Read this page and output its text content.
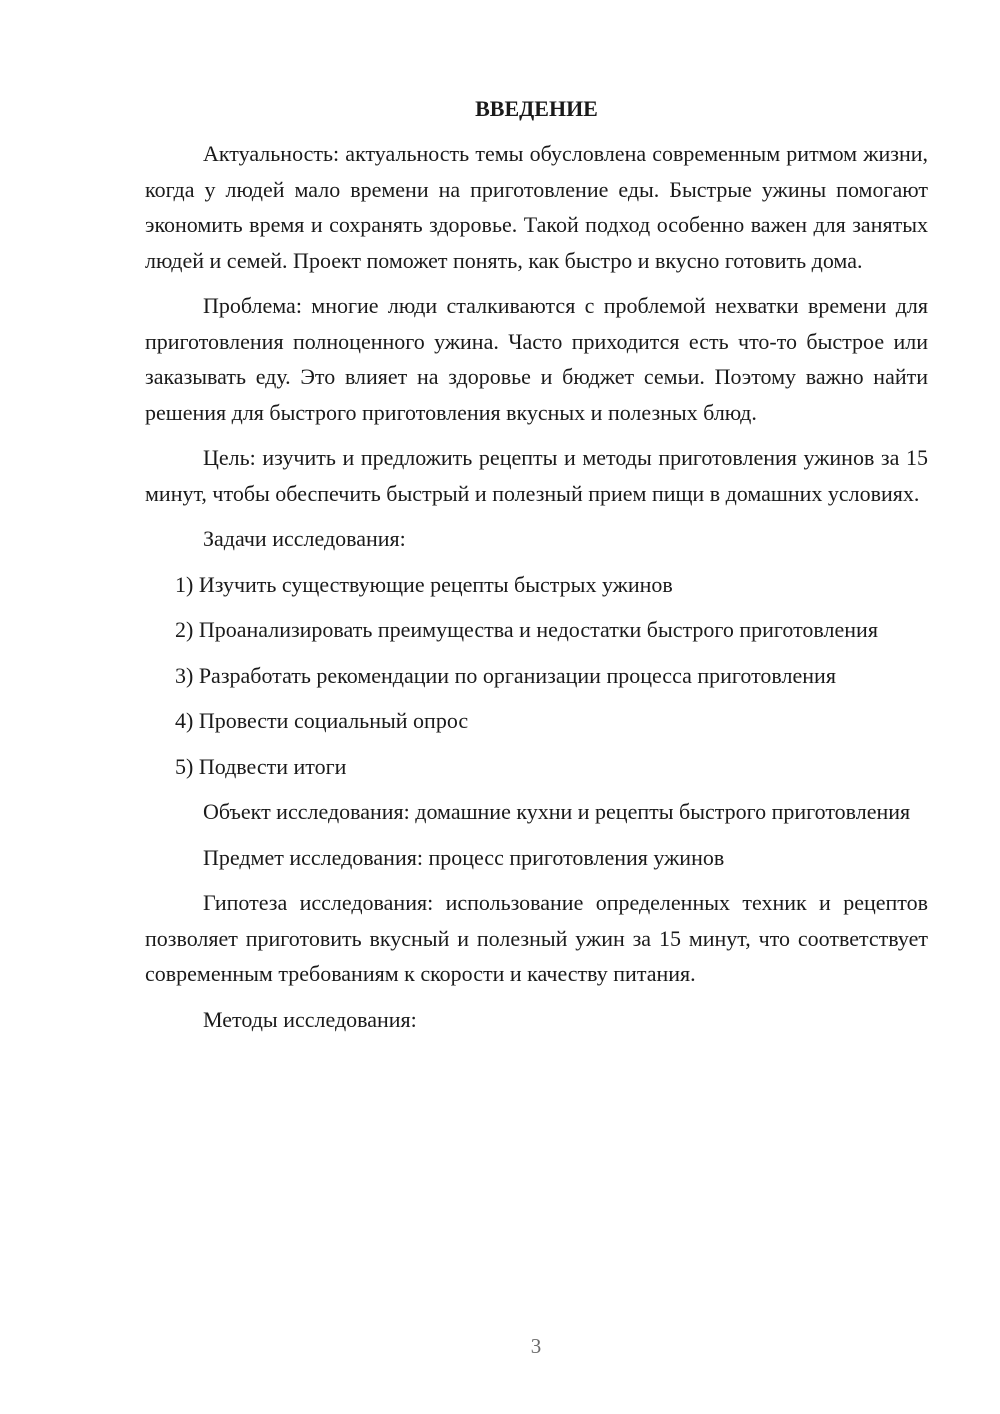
ВВЕДЕНИЕ

Актуальность: актуальность темы обусловлена современным ритмом жизни, когда у людей мало времени на приготовление еды. Быстрые ужины помогают экономить время и сохранять здоровье. Такой подход особенно важен для занятых людей и семей. Проект поможет понять, как быстро и вкусно готовить дома.

Проблема: многие люди сталкиваются с проблемой нехватки времени для приготовления полноценного ужина. Часто приходится есть что-то быстрое или заказывать еду. Это влияет на здоровье и бюджет семьи. Поэтому важно найти решения для быстрого приготовления вкусных и полезных блюд.

Цель: изучить и предложить рецепты и методы приготовления ужинов за 15 минут, чтобы обеспечить быстрый и полезный прием пищи в домашних условиях.

Задачи исследования:

1) Изучить существующие рецепты быстрых ужинов

2) Проанализировать преимущества и недостатки быстрого приготовления

3) Разработать рекомендации по организации процесса приготовления

4) Провести социальный опрос

5) Подвести итоги

Объект исследования: домашние кухни и рецепты быстрого приготовления

Предмет исследования: процесс приготовления ужинов

Гипотеза исследования: использование определенных техник и рецептов позволяет приготовить вкусный и полезный ужин за 15 минут, что соответствует современным требованиям к скорости и качеству питания.

Методы исследования:

3
